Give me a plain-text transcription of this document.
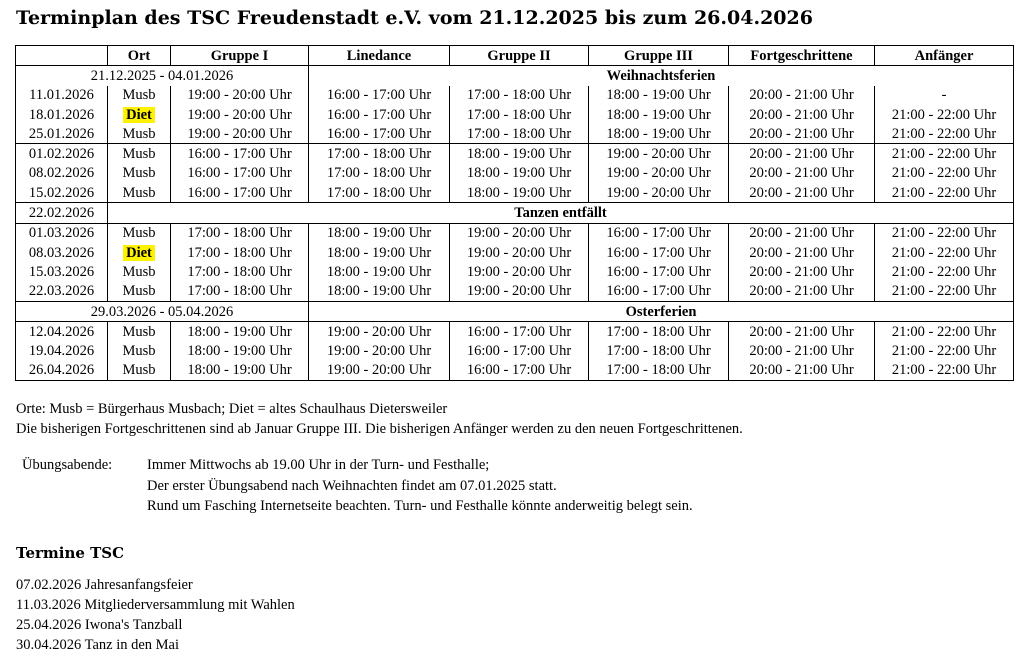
Terminplan des TSC Freudenstadt e.V. vom 21.12.2025 bis zum 26.04.2026
	Ort	Gruppe I	Linedance	Gruppe II	Gruppe III	Fortgeschrittene	Anfänger
21.12.2025 - 04.01.2026			Weihnachtsferien				
11.01.2026	Musb	19:00 - 20:00 Uhr	16:00 - 17:00 Uhr	17:00 - 18:00 Uhr	18:00 - 19:00 Uhr	20:00 - 21:00 Uhr	-
18.01.2026	Diet	19:00 - 20:00 Uhr	16:00 - 17:00 Uhr	17:00 - 18:00 Uhr	18:00 - 19:00 Uhr	20:00 - 21:00 Uhr	21:00 - 22:00 Uhr
25.01.2026	Musb	19:00 - 20:00 Uhr	16:00 - 17:00 Uhr	17:00 - 18:00 Uhr	18:00 - 19:00 Uhr	20:00 - 21:00 Uhr	21:00 - 22:00 Uhr
01.02.2026	Musb	16:00 - 17:00 Uhr	17:00 - 18:00 Uhr	18:00 - 19:00 Uhr	19:00 - 20:00 Uhr	20:00 - 21:00 Uhr	21:00 - 22:00 Uhr
08.02.2026	Musb	16:00 - 17:00 Uhr	17:00 - 18:00 Uhr	18:00 - 19:00 Uhr	19:00 - 20:00 Uhr	20:00 - 21:00 Uhr	21:00 - 22:00 Uhr
15.02.2026	Musb	16:00 - 17:00 Uhr	17:00 - 18:00 Uhr	18:00 - 19:00 Uhr	19:00 - 20:00 Uhr	20:00 - 21:00 Uhr	21:00 - 22:00 Uhr
22.02.2026	Tanzen entfällt						
01.03.2026	Musb	17:00 - 18:00 Uhr	18:00 - 19:00 Uhr	19:00 - 20:00 Uhr	16:00 - 17:00 Uhr	20:00 - 21:00 Uhr	21:00 - 22:00 Uhr
08.03.2026	Diet	17:00 - 18:00 Uhr	18:00 - 19:00 Uhr	19:00 - 20:00 Uhr	16:00 - 17:00 Uhr	20:00 - 21:00 Uhr	21:00 - 22:00 Uhr
15.03.2026	Musb	17:00 - 18:00 Uhr	18:00 - 19:00 Uhr	19:00 - 20:00 Uhr	16:00 - 17:00 Uhr	20:00 - 21:00 Uhr	21:00 - 22:00 Uhr
22.03.2026	Musb	17:00 - 18:00 Uhr	18:00 - 19:00 Uhr	19:00 - 20:00 Uhr	16:00 - 17:00 Uhr	20:00 - 21:00 Uhr	21:00 - 22:00 Uhr
29.03.2026 - 05.04.2026			Osterferien				
12.04.2026	Musb	18:00 - 19:00 Uhr	19:00 - 20:00 Uhr	16:00 - 17:00 Uhr	17:00 - 18:00 Uhr	20:00 - 21:00 Uhr	21:00 - 22:00 Uhr
19.04.2026	Musb	18:00 - 19:00 Uhr	19:00 - 20:00 Uhr	16:00 - 17:00 Uhr	17:00 - 18:00 Uhr	20:00 - 21:00 Uhr	21:00 - 22:00 Uhr
26.04.2026	Musb	18:00 - 19:00 Uhr	19:00 - 20:00 Uhr	16:00 - 17:00 Uhr	17:00 - 18:00 Uhr	20:00 - 21:00 Uhr	21:00 - 22:00 Uhr

Orte: Musb = Bürgerhaus Musbach; Diet = altes Schaulhaus Dietersweiler

Die bisherigen Fortgeschrittenen sind ab Januar Gruppe III. Die bisherigen Anfänger werden zu den neuen Fortgeschrittenen.

Übungsabende: Immer Mittwochs ab 19.00 Uhr in der Turn- und Festhalle;
Der erster Übungsabend nach Weihnachten findet am 07.01.2025 statt.
Rund um Fasching Internetseite beachten. Turn- und Festhalle könnte anderweitig belegt sein.
Termine TSC
07.02.2026 Jahresanfangsfeier
11.03.2026 Mitgliederversammlung mit Wahlen
25.04.2026 Iwona's Tanzball
30.04.2026 Tanz in den Mai
